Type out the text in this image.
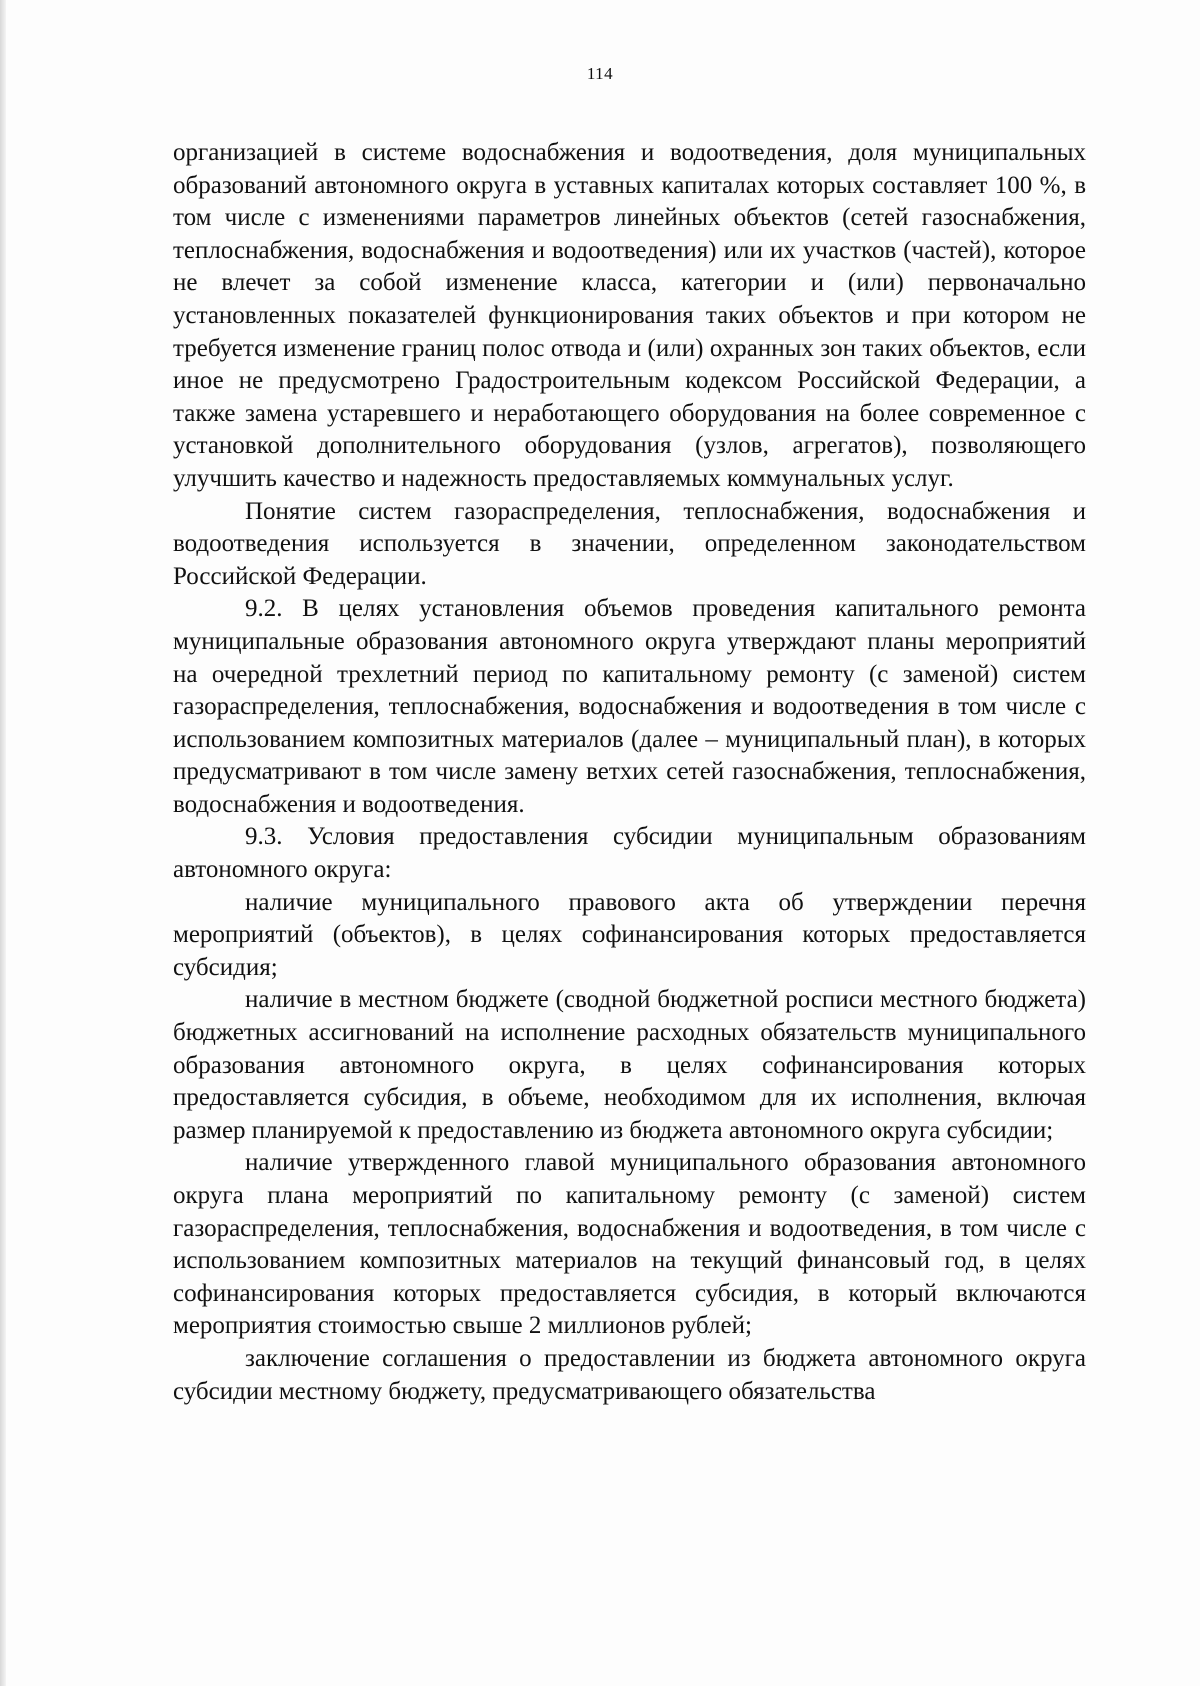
114

организацией в системе водоснабжения и водоотведения, доля муниципальных образований автономного округа в уставных капиталах которых составляет 100 %, в том числе с изменениями параметров линейных объектов (сетей газоснабжения, теплоснабжения, водоснабжения и водоотведения) или их участков (частей), которое не влечет за собой изменение класса, категории и (или) первоначально установленных показателей функционирования таких объектов и при котором не требуется изменение границ полос отвода и (или) охранных зон таких объектов, если иное не предусмотрено Градостроительным кодексом Российской Федерации, а также замена устаревшего и неработающего оборудования на более современное с установкой дополнительного оборудования (узлов, агрегатов), позволяющего улучшить качество и надежность предоставляемых коммунальных услуг.

Понятие систем газораспределения, теплоснабжения, водоснабжения и водоотведения используется в значении, определенном законодательством Российской Федерации.

9.2. В целях установления объемов проведения капитального ремонта муниципальные образования автономного округа утверждают планы мероприятий на очередной трехлетний период по капитальному ремонту (с заменой) систем газораспределения, теплоснабжения, водоснабжения и водоотведения в том числе с использованием композитных материалов (далее – муниципальный план), в которых предусматривают в том числе замену ветхих сетей газоснабжения, теплоснабжения, водоснабжения и водоотведения.

9.3. Условия предоставления субсидии муниципальным образованиям автономного округа:

наличие муниципального правового акта об утверждении перечня мероприятий (объектов), в целях софинансирования которых предоставляется субсидия;

наличие в местном бюджете (сводной бюджетной росписи местного бюджета) бюджетных ассигнований на исполнение расходных обязательств муниципального образования автономного округа, в целях софинансирования которых предоставляется субсидия, в объеме, необходимом для их исполнения, включая размер планируемой к предоставлению из бюджета автономного округа субсидии;

наличие утвержденного главой муниципального образования автономного округа плана мероприятий по капитальному ремонту (с заменой) систем газораспределения, теплоснабжения, водоснабжения и водоотведения, в том числе с использованием композитных материалов на текущий финансовый год, в целях софинансирования которых предоставляется субсидия, в который включаются мероприятия стоимостью свыше 2 миллионов рублей;

заключение соглашения о предоставлении из бюджета автономного округа субсидии местному бюджету, предусматривающего обязательства
